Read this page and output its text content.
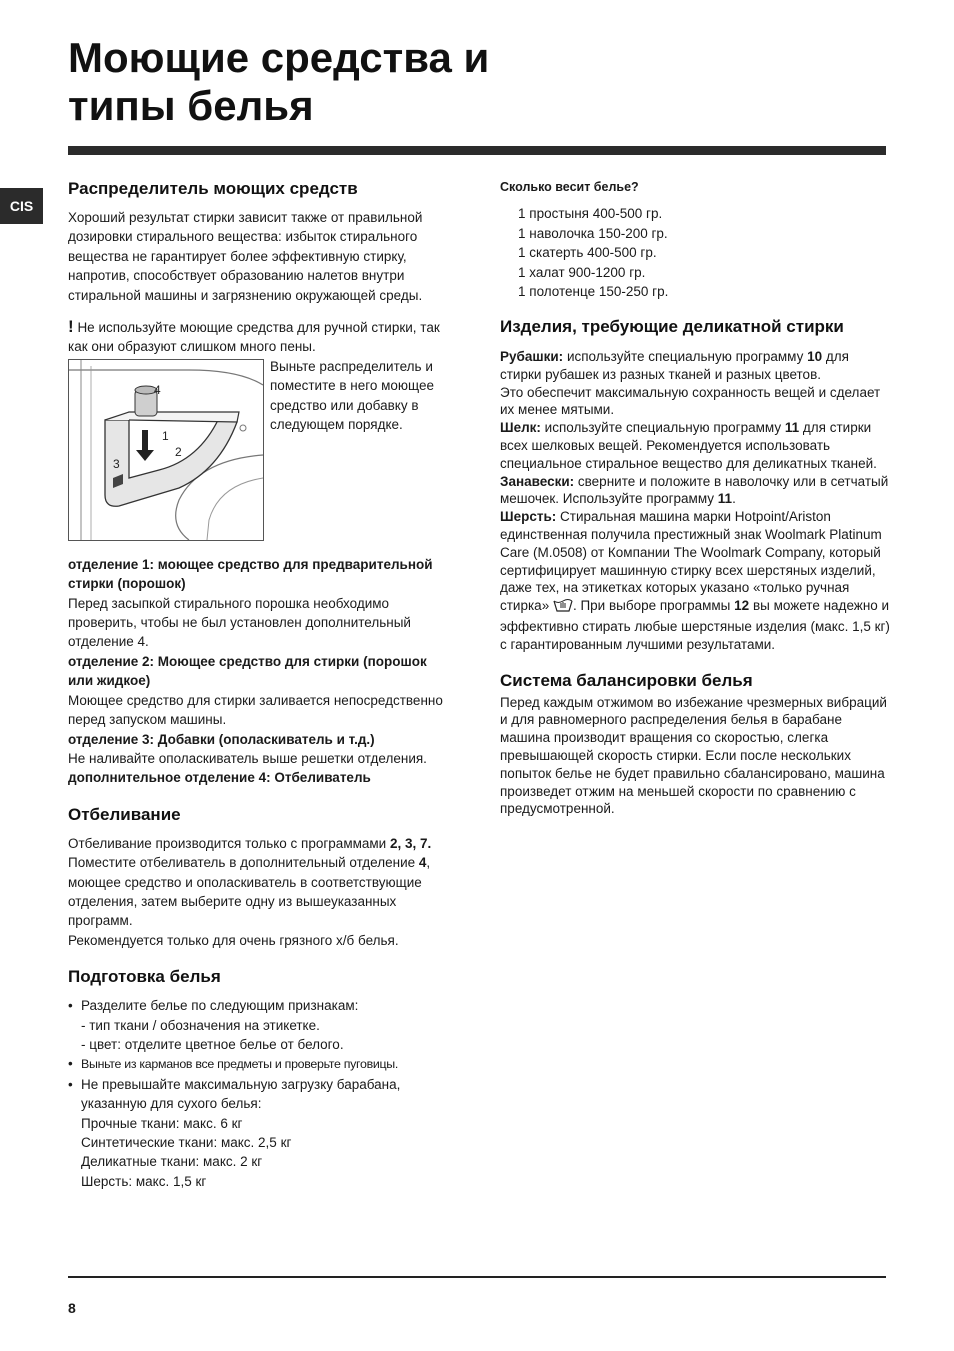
Моющие средства и
типы белья
CIS
Распределитель моющих средств

Хороший результат стирки зависит также от правильной дозировки стирального вещества: избыток стирального вещества не гарантирует более эффективную стирку, напротив, способствует образованию налетов внутри стиральной машины и загрязнению окружающей среды.

! Не используйте моющие средства для ручной стирки, так как они образуют слишком много пены.

4
1
2
3

Выньте распределитель и поместите в него моющее средство или добавку в следующем порядке.

отделение 1: моющее средство для предварительной стирки (порошок)

Перед засыпкой стирального порошка необходимо проверить, чтобы не был установлен дополнительный отделение 4.

отделение 2: Моющее средство для стирки (порошок или жидкое)

Моющее средство для стирки заливается непосредственно перед запуском машины.

отделение 3: Добавки (ополаскиватель и т.д.)

Не наливайте ополаскиватель выше решетки отделения.

дополнительное отделение 4: Отбеливатель

Отбеливание

Отбеливание производится только с программами 2, 3, 7.

Поместите отбеливатель в дополнительный отделение 4, моющее средство и ополаскиватель в соответствующие отделения, затем выберите одну из вышеуказанных программ.

Рекомендуется только для очень грязного х/б белья.

Подготовка белья
• Разделите белье по следующим признакам:
- тип ткани / обозначения на этикетке.
- цвет: отделите цветное белье от белого.
• Выньте из карманов все предметы и проверьте пуговицы.
• Не превышайте максимальную загрузку барабана, указанную для сухого белья:
Прочные ткани: макс. 6 кг
Синтетические ткани: макс. 2,5 кг
Деликатные ткани: макс. 2 кг
Шерсть: макс. 1,5 кг
Сколько весит белье?
1 простыня 400-500 гр.
1 наволочка 150-200 гр.
1 скатерть 400-500 гр.
1 халат 900-1200 гр.
1 полотенце 150-250 гр.
Изделия, требующие деликатной стирки

Рубашки: используйте специальную программу 10 для стирки рубашек из разных тканей и разных цветов.

Это обеспечит максимальную сохранность вещей и сделает их менее мятыми.

Шелк: используйте специальную программу 11 для стирки всех шелковых вещей. Рекомендуется использовать специальное стиральное вещество для деликатных тканей.

Занавески: сверните и положите в наволочку или в сетчатый мешочек. Используйте программу 11.

Шерсть: Стиральная машина марки Hotpoint/Ariston единственная получила престижный знак Woolmark Platinum Care (M.0508) от Компании The Woolmark Company, который сертифицирует машинную стирку всех шерстяных изделий, даже тех, на этикетках которых указано «только ручная стирка» . При выборе программы 12 вы можете надежно и эффективно стирать любые шерстяные изделия (макс. 1,5 кг) с гарантированным лучшими результатами.

Система балансировки белья

Перед каждым отжимом во избежание чрезмерных вибраций и для равномерного распределения белья в барабане машина производит вращения со скоростью, слегка превышающей скорость стирки. Если после нескольких попыток белье не будет правильно сбалансировано, машина произведет отжим на меньшей скорости по сравнению с предусмотренной.

8
